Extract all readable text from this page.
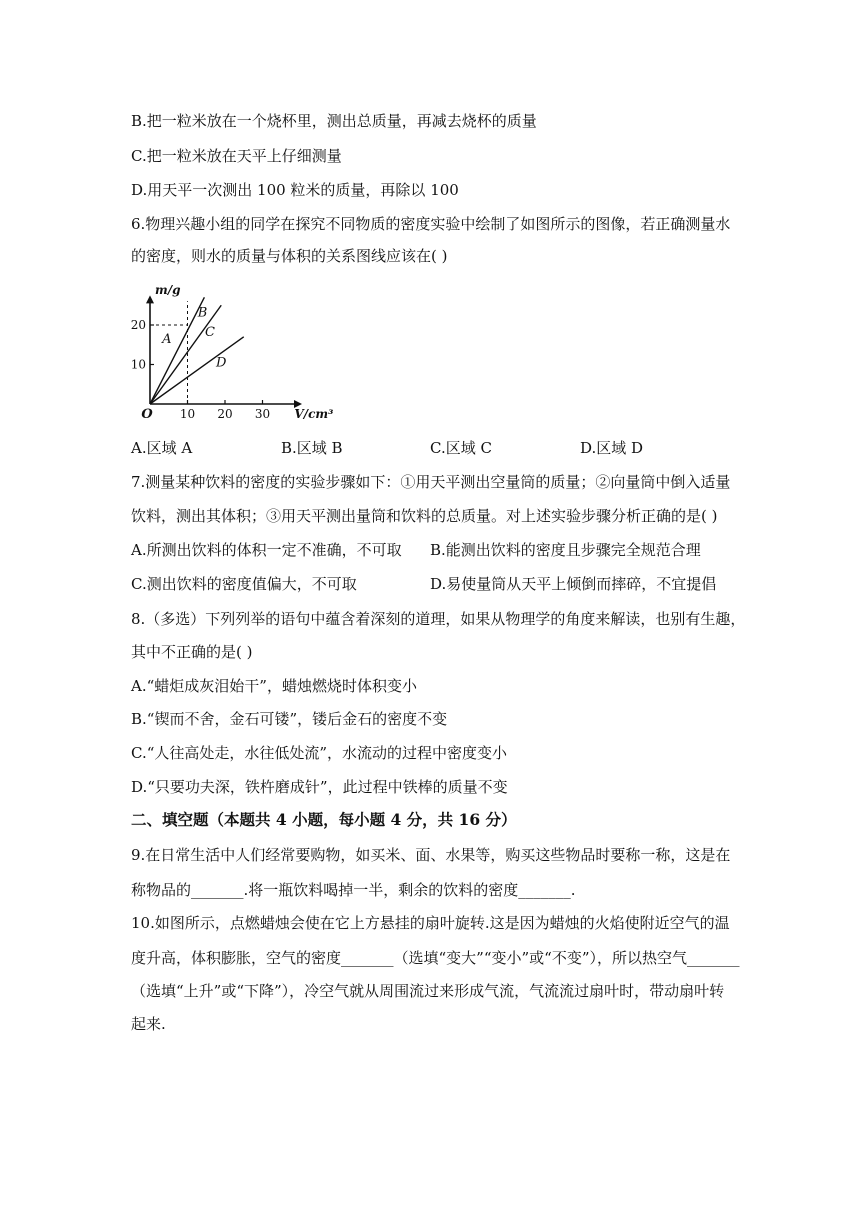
B.把一粒米放在一个烧杯里，测出总质量，再减去烧杯的质量
C.把一粒米放在天平上仔细测量
D.用天平一次测出 100 粒米的质量，再除以 100
6.物理兴趣小组的同学在探究不同物质的密度实验中绘制了如图所示的图像，若正确测量水
的密度，则水的质量与体积的关系图线应该在( )
10 20 30
10
20
A
B
C
D
m/g
V/cm³
O
A.区域 A	B.区域 B	C.区域 C	D.区域 D
7.测量某种饮料的密度的实验步骤如下：①用天平测出空量筒的质量；②向量筒中倒入适量
饮料，测出其体积；③用天平测出量筒和饮料的总质量。对上述实验步骤分析正确的是( )
A.所测出饮料的体积一定不准确，不可取 B.能测出饮料的密度且步骤完全规范合理
C.测出饮料的密度值偏大，不可取	D.易使量筒从天平上倾倒而摔碎，不宜提倡
8.（多选）下列列举的语句中蕴含着深刻的道理，如果从物理学的角度来解读，也别有生趣，
其中不正确的是( )
A.“蜡炬成灰泪始干”，蜡烛燃烧时体积变小
B.“锲而不舍，金石可镂”，镂后金石的密度不变
C.“人往高处走，水往低处流”，水流动的过程中密度变小
D.“只要功夫深，铁杵磨成针”，此过程中铁棒的质量不变
二、填空题（本题共 4 小题，每小题 4 分，共 16 分）
9.在日常生活中人们经常要购物，如买米、面、水果等，购买这些物品时要称一称，这是在
称物品的_______.将一瓶饮料喝掉一半，剩余的饮料的密度_______.
10.如图所示，点燃蜡烛会使在它上方悬挂的扇叶旋转.这是因为蜡烛的火焰使附近空气的温
度升高，体积膨胀，空气的密度_______（选填“变大”“变小”或“不变”），所以热空气_______
（选填“上升”或“下降”），冷空气就从周围流过来形成气流，气流流过扇叶时，带动扇叶转
起来.
